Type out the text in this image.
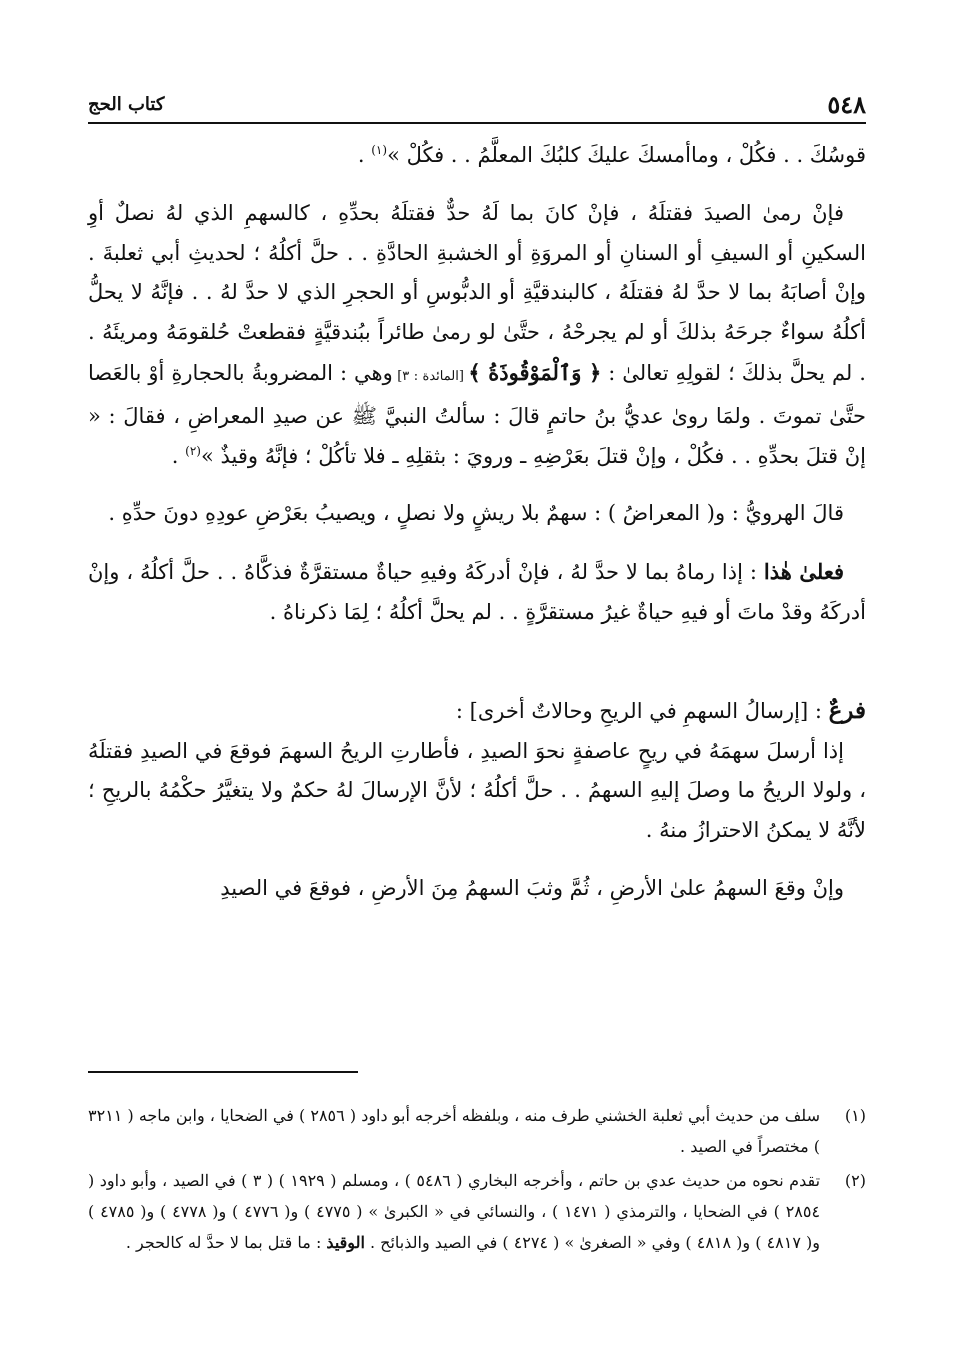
٥٤٨
كتاب الحج

قوسُكَ . . فكُلْ ، وماأمسكَ عليكَ كلبُكَ المعلَّمُ . . فكُلْ »$^{(١)}$ .

فإنْ رمىٰ الصيدَ فقتلَهُ ، فإنْ كانَ بما لَهُ حدٌّ فقتلَهُ بحدِّهِ ، كالسهمِ الذي لهُ نصلٌ أوِ السكينِ أو السيفِ أو السنانِ أو المروَةِ أو الخشبةِ الحادَّةِ . . حلَّ أكلُهُ ؛ لحديثِ أبي ثعلبةَ . وإنْ أصابَهُ بما لا حدَّ لهُ فقتلَهُ ، كالبندقيَّةِ أو الدبُّوسِ أو الحجرِ الذي لا حدَّ لهُ . . فإنَّهُ لا يحلُّ أكلُهُ سواءٌ جرحَهُ بذلكَ أو لم يجرحْهُ ، حتَّىٰ لو رمىٰ طائراً ببُندقيَّةٍ فقطعتْ حُلقومَهُ ومريئَهُ . . لم يحلَّ بذلكَ ؛ لقولِهِ تعالىٰ : ﴿ وَٱلْمَوْقُوذَةُ ﴾ [المائدة : ٣] وهي : المضروبةُ بالحجارةِ أوْ بالعَصا حتَّىٰ تموتَ . ولمَا روىٰ عديُّ بنُ حاتمٍ قالَ : سألتُ النبيَّ ﷺ عن صيدِ المعراضِ ، فقالَ : « إنْ قتلَ بحدِّهِ . . فكُلْ ، وإنْ قتلَ بعَرْضِهِ ـ ورويَ : بثقلِهِ ـ فلا تأكُلْ ؛ فإنَّهُ وقيذٌ »$^{(٢)}$ .

قالَ الهرويُّ : و( المعراضُ ) : سهمٌ بلا ريشٍ ولا نصلٍ ، ويصيبُ بعَرْضِ عودِهِ دونَ حدِّهِ .

فعلىٰ هٰذا : إذا رماهُ بما لا حدَّ لهُ ، فإنْ أدركَهُ وفيهِ حياةٌ مستقرَّةٌ فذكَّاهُ . . حلَّ أكلُهُ ، وإنْ أدركَهُ وقدْ ماتَ أو فيهِ حياةٌ غيرُ مستقرَّةٍ . . لم يحلَّ أكلُهُ ؛ لِمَا ذكرناهُ .

فرعٌ : [إرسالُ السهمِ في الريحِ وحالاتٌ أخرى] :

إذا أرسلَ سهمَهُ في ريحٍ عاصفةٍ نحوَ الصيدِ ، فأطارتِ الريحُ السهمَ فوقعَ في الصيدِ فقتلَهُ ، ولولا الريحُ ما وصلَ إليهِ السهمُ . . حلَّ أكلُهُ ؛ لأنَّ الإرسالَ لهُ حكمٌ ولا يتغيَّرُ حكْمُهُ بالريحِ ؛ لأنَّهُ لا يمكنُ الاحترازُ منهُ .

وإنْ وقعَ السهمُ علىٰ الأرضِ ، ثُمَّ وثبَ السهمُ مِنَ الأرضِ ، فوقعَ في الصيدِ

(١)
سلف من حديث أبي ثعلبة الخشني طرف منه ، وبلفظه أخرجه أبو داود ( ٢٨٥٦ ) في الضحايا ، وابن ماجه ( ٣٢١١ ) مختصراً في الصيد .
(٢)
تقدم نحوه من حديث عدي بن حاتم ، وأخرجه البخاري ( ٥٤٨٦ ) ، ومسلم ( ١٩٢٩ ) ( ٣ ) في الصيد ، وأبو داود ( ٢٨٥٤ ) في الضحايا ، والترمذي ( ١٤٧١ ) ، والنسائي في « الكبرىٰ » ( ٤٧٧٥ ) و( ٤٧٧٦ ) و( ٤٧٧٨ ) و( ٤٧٨٥ ) و( ٤٨١٧ ) و( ٤٨١٨ ) وفي « الصغرىٰ » ( ٤٢٧٤ ) في الصيد والذبائح . الوقيذ : ما قتل بما لا حدَّ له كالحجر .
